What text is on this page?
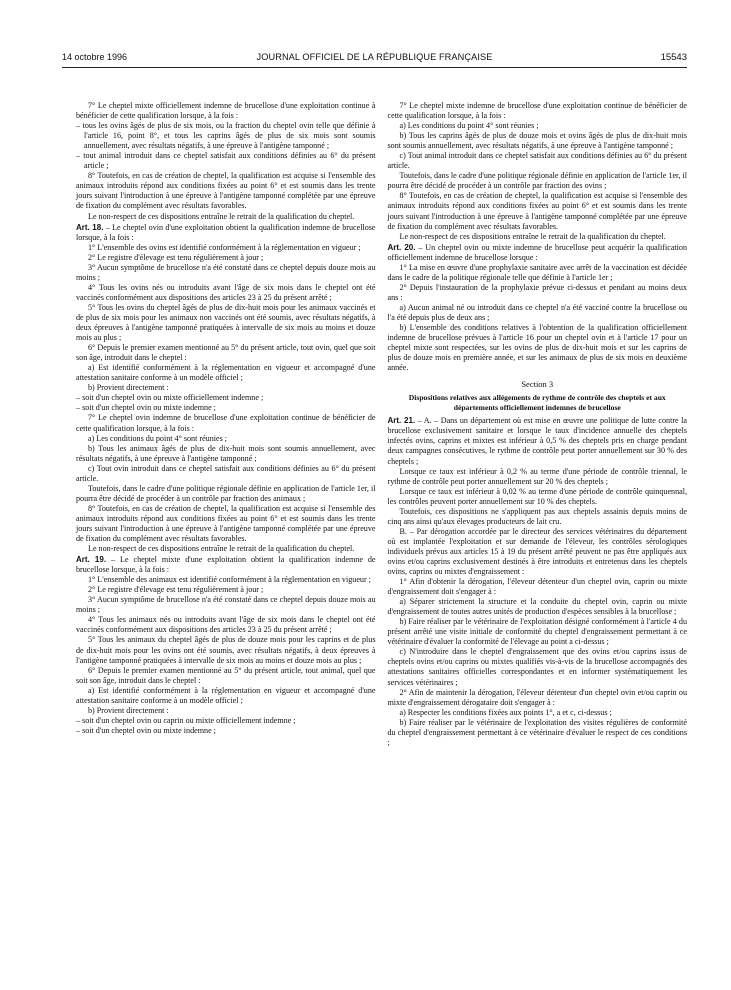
14 octobre 1996	JOURNAL OFFICIEL DE LA RÉPUBLIQUE FRANÇAISE	15543

7° Le cheptel mixte officiellement indemne de brucellose d'une exploitation continue à bénéficier de cette qualification lorsque, à la fois :

– tous les ovins âgés de plus de six mois, ou la fraction du cheptel ovin telle que définie à l'article 16, point 8°, et tous les caprins âgés de plus de six mois sont soumis annuellement, avec résultats négatifs, à une épreuve à l'antigène tamponné ;

– tout animal introduit dans ce cheptel satisfait aux conditions définies au 6° du présent article ;

8° Toutefois, en cas de création de cheptel, la qualification est acquise si l'ensemble des animaux introduits répond aux conditions fixées au point 6° et est soumis dans les trente jours suivant l'introduction à une épreuve à l'antigène tamponné complétée par une épreuve de fixation du complément avec résultats favorables.

Le non-respect de ces dispositions entraîne le retrait de la qualification du cheptel.

Art. 18. – Le cheptel ovin d'une exploitation obtient la qualification indemne de brucellose lorsque, à la fois :

1° L'ensemble des ovins est identifié conformément à la réglementation en vigueur ;

2° Le registre d'élevage est tenu régulièrement à jour ;

3° Aucun symptôme de brucellose n'a été constaté dans ce cheptel depuis douze mois au moins ;

4° Tous les ovins nés ou introduits avant l'âge de six mois dans le cheptel ont été vaccinés conformément aux dispositions des articles 23 à 25 du présent arrêté ;

5° Tous les ovins du cheptel âgés de plus de dix-huit mois pour les animaux vaccinés et de plus de six mois pour les animaux non vaccinés ont été soumis, avec résultats négatifs, à deux épreuves à l'antigène tamponné pratiquées à intervalle de six mois au moins et douze mois au plus ;

6° Depuis le premier examen mentionné au 5° du présent article, tout ovin, quel que soit son âge, introduit dans le cheptel :

a) Est identifié conformément à la réglementation en vigueur et accompagné d'une attestation sanitaire conforme à un modèle officiel ;

b) Provient directement :

– soit d'un cheptel ovin ou mixte officiellement indemne ;

– soit d'un cheptel ovin ou mixte indemne ;

7° Le cheptel ovin indemne de brucellose d'une exploitation continue de bénéficier de cette qualification lorsque, à la fois :

a) Les conditions du point 4° sont réunies ;

b) Tous les animaux âgés de plus de dix-huit mois sont soumis annuellement, avec résultats négatifs, à une épreuve à l'antigène tamponné ;

c) Tout ovin introduit dans ce cheptel satisfait aux conditions définies au 6° du présent article.

Toutefois, dans le cadre d'une politique régionale définie en application de l'article 1er, il pourra être décidé de procéder à un contrôle par fraction des animaux ;

8° Toutefois, en cas de création de cheptel, la qualification est acquise si l'ensemble des animaux introduits répond aux conditions fixées au point 6° et est soumis dans les trente jours suivant l'introduction à une épreuve à l'antigène tamponné complétée par une épreuve de fixation du complément avec résultats favorables.

Le non-respect de ces dispositions entraîne le retrait de la qualification du cheptel.

Art. 19. – Le cheptel mixte d'une exploitation obtient la qualification indemne de brucellose lorsque, à la fois :

1° L'ensemble des animaux est identifié conformément à la réglementation en vigueur ;

2° Le registre d'élevage est tenu régulièrement à jour ;

3° Aucun symptôme de brucellose n'a été constaté dans ce cheptel depuis douze mois au moins ;

4° Tous les animaux nés ou introduits avant l'âge de six mois dans le cheptel ont été vaccinés conformément aux dispositions des articles 23 à 25 du présent arrêté ;

5° Tous les animaux du cheptel âgés de plus de douze mois pour les caprins et de plus de dix-huit mois pour les ovins ont été soumis, avec résultats négatifs, à deux épreuves à l'antigène tamponné pratiquées à intervalle de six mois au moins et douze mois au plus ;

6° Depuis le premier examen mentionné au 5° du présent article, tout animal, quel que soit son âge, introduit dans le cheptel :

a) Est identifié conformément à la réglementation en vigueur et accompagné d'une attestation sanitaire conforme à un modèle officiel ;

b) Provient directement :

– soit d'un cheptel ovin ou caprin ou mixte officiellement indemne ;

– soit d'un cheptel ovin ou mixte indemne ;

7° Le cheptel mixte indemne de brucellose d'une exploitation continue de bénéficier de cette qualification lorsque, à la fois :

a) Les conditions du point 4° sont réunies ;

b) Tous les caprins âgés de plus de douze mois et ovins âgés de plus de dix-huit mois sont soumis annuellement, avec résultats négatifs, à une épreuve à l'antigène tamponné ;

c) Tout animal introduit dans ce cheptel satisfait aux conditions définies au 6° du présent article.

Toutefois, dans le cadre d'une politique régionale définie en application de l'article 1er, il pourra être décidé de procéder à un contrôle par fraction des ovins ;

8° Toutefois, en cas de création de cheptel, la qualification est acquise si l'ensemble des animaux introduits répond aux conditions fixées au point 6° et est soumis dans les trente jours suivant l'introduction à une épreuve à l'antigène tamponné complétée par une épreuve de fixation du complément avec résultats favorables.

Le non-respect de ces dispositions entraîne le retrait de la qualification du cheptel.

Art. 20. – Un cheptel ovin ou mixte indemne de brucellose peut acquérir la qualification officiellement indemne de brucellose lorsque :

1° La mise en œuvre d'une prophylaxie sanitaire avec arrêt de la vaccination est décidée dans le cadre de la politique régionale telle que définie à l'article 1er ;

2° Depuis l'instauration de la prophylaxie prévue ci-dessus et pendant au moins deux ans :

a) Aucun animal né ou introduit dans ce cheptel n'a été vacciné contre la brucellose ou l'a été depuis plus de deux ans ;

b) L'ensemble des conditions relatives à l'obtention de la qualification officiellement indemne de brucellose prévues à l'article 16 pour un cheptel ovin et à l'article 17 pour un cheptel mixte sont respectées, sur les ovins de plus de dix-huit mois et sur les caprins de plus de douze mois en première année, et sur les animaux de plus de six mois en deuxième année.

Section 3

Dispositions relatives aux allégements de rythme de contrôle des cheptels et aux départements officiellement indemnes de brucellose

Art. 21. – A. – Dans un département où est mise en œuvre une politique de lutte contre la brucellose exclusivement sanitaire et lorsque le taux d'incidence annuelle des cheptels infectés ovins, caprins et mixtes est inférieur à 0,5 % des cheptels pris en charge pendant deux campagnes consécutives, le rythme de contrôle peut porter annuellement sur 30 % des cheptels ;

Lorsque ce taux est inférieur à 0,2 % au terme d'une période de contrôle triennal, le rythme de contrôle peut porter annuellement sur 20 % des cheptels ;

Lorsque ce taux est inférieur à 0,02 % au terme d'une période de contrôle quinquennal, les contrôles peuvent porter annuellement sur 10 % des cheptels.

Toutefois, ces dispositions ne s'appliquent pas aux cheptels assainis depuis moins de cinq ans ainsi qu'aux élevages producteurs de lait cru.

B. – Par dérogation accordée par le directeur des services vétérinaires du département où est implantée l'exploitation et sur demande de l'éleveur, les contrôles sérologiques individuels prévus aux articles 15 à 19 du présent arrêté peuvent ne pas être appliqués aux ovins et/ou caprins exclusivement destinés à être introduits et entretenus dans les cheptels ovins, caprins ou mixtes d'engraissement :

1° Afin d'obtenir la dérogation, l'éleveur détenteur d'un cheptel ovin, caprin ou mixte d'engraissement doit s'engager à :

a) Séparer strictement la structure et la conduite du cheptel ovin, caprin ou mixte d'engraissement de toutes autres unités de production d'espèces sensibles à la brucellose ;

b) Faire réaliser par le vétérinaire de l'exploitation désigné conformément à l'article 4 du présent arrêté une visite initiale de conformité du cheptel d'engraissement permettant à ce vétérinaire d'évaluer la conformité de l'élevage au point a ci-dessus ;

c) N'introduire dans le cheptel d'engraissement que des ovins et/ou caprins issus de cheptels ovins et/ou caprins ou mixtes qualifiés vis-à-vis de la brucellose accompagnés des attestations sanitaires officielles correspondantes et en informer systématiquement les services vétérinaires ;

2° Afin de maintenir la dérogation, l'éleveur détenteur d'un cheptel ovin et/ou caprin ou mixte d'engraissement dérogataire doit s'engager à :

a) Respecter les conditions fixées aux points 1°, a et c, ci-dessus ;

b) Faire réaliser par le vétérinaire de l'exploitation des visites régulières de conformité du cheptel d'engraissement permettant à ce vétérinaire d'évaluer le respect de ces conditions ;
